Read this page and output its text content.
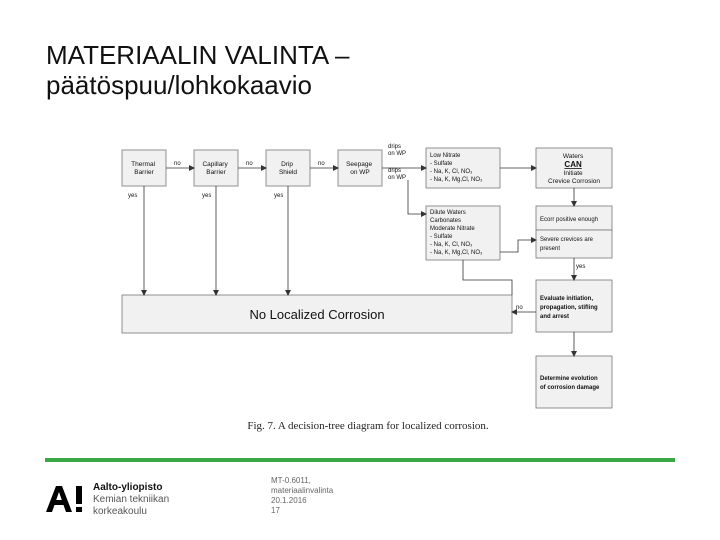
MATERIAALIN VALINTA –
päätöspuu/lohkokaavio
Thermal Barrier
Capillary Barrier
Drip Shield
Seepage on WP
Waters CAN Initiate Crevice Corrosion
No Localized Corrosion
Low Nitrate - Sulfate - Na, K, Cl, NO₃ - Na, K, Mg,Cl, NO₃
Dilute Waters Carbonates Moderate Nitrate - Sulfate - Na, K, Cl, NO₃ - Na, K, Mg,Cl, NO₃
Ecorr positive enough
Severe crevices are present
Evaluate initiation, propagation, stifling and arrest
Determine evolution of corrosion damage
no	no	no
no
yes	yes	yes
yes
drips on WP
drips on WP
Fig. 7. A decision-tree diagram for localized corrosion.
Aalto-yliopisto
Kemian tekniikan
korkeakoulu
MT-0.6011,
materiaalinvalinta
20.1.2016
17
